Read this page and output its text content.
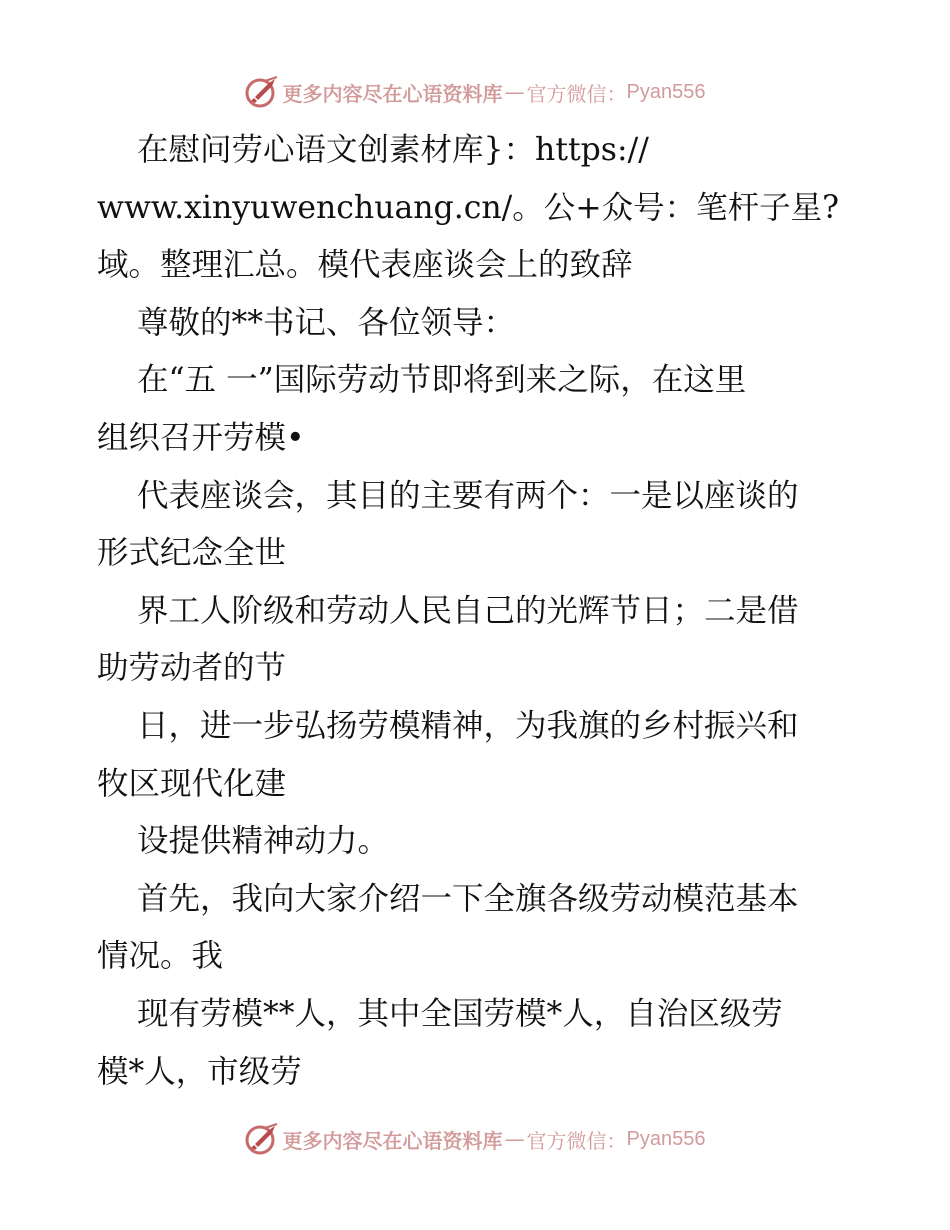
更多内容尽在心语资料库 — 官方微信： Pyan556
在慰问劳心语文创素材库}：https://
www.xinyuwenchuang.cn/。公+众号：笔杆子星?
域。整理汇总。模代表座谈会上的致辞
尊敬的**书记、各位领导：
在“五 一”国际劳动节即将到来之际，在这里
组织召开劳模•
代表座谈会，其目的主要有两个：一是以座谈的
形式纪念全世
界工人阶级和劳动人民自己的光辉节日；二是借
助劳动者的节
日，进一步弘扬劳模精神，为我旗的乡村振兴和
牧区现代化建
设提供精神动力。
首先，我向大家介绍一下全旗各级劳动模范基本
情况。我
现有劳模**人，其中全国劳模*人，自治区级劳
模*人，市级劳
更多内容尽在心语资料库 — 官方微信： Pyan556
